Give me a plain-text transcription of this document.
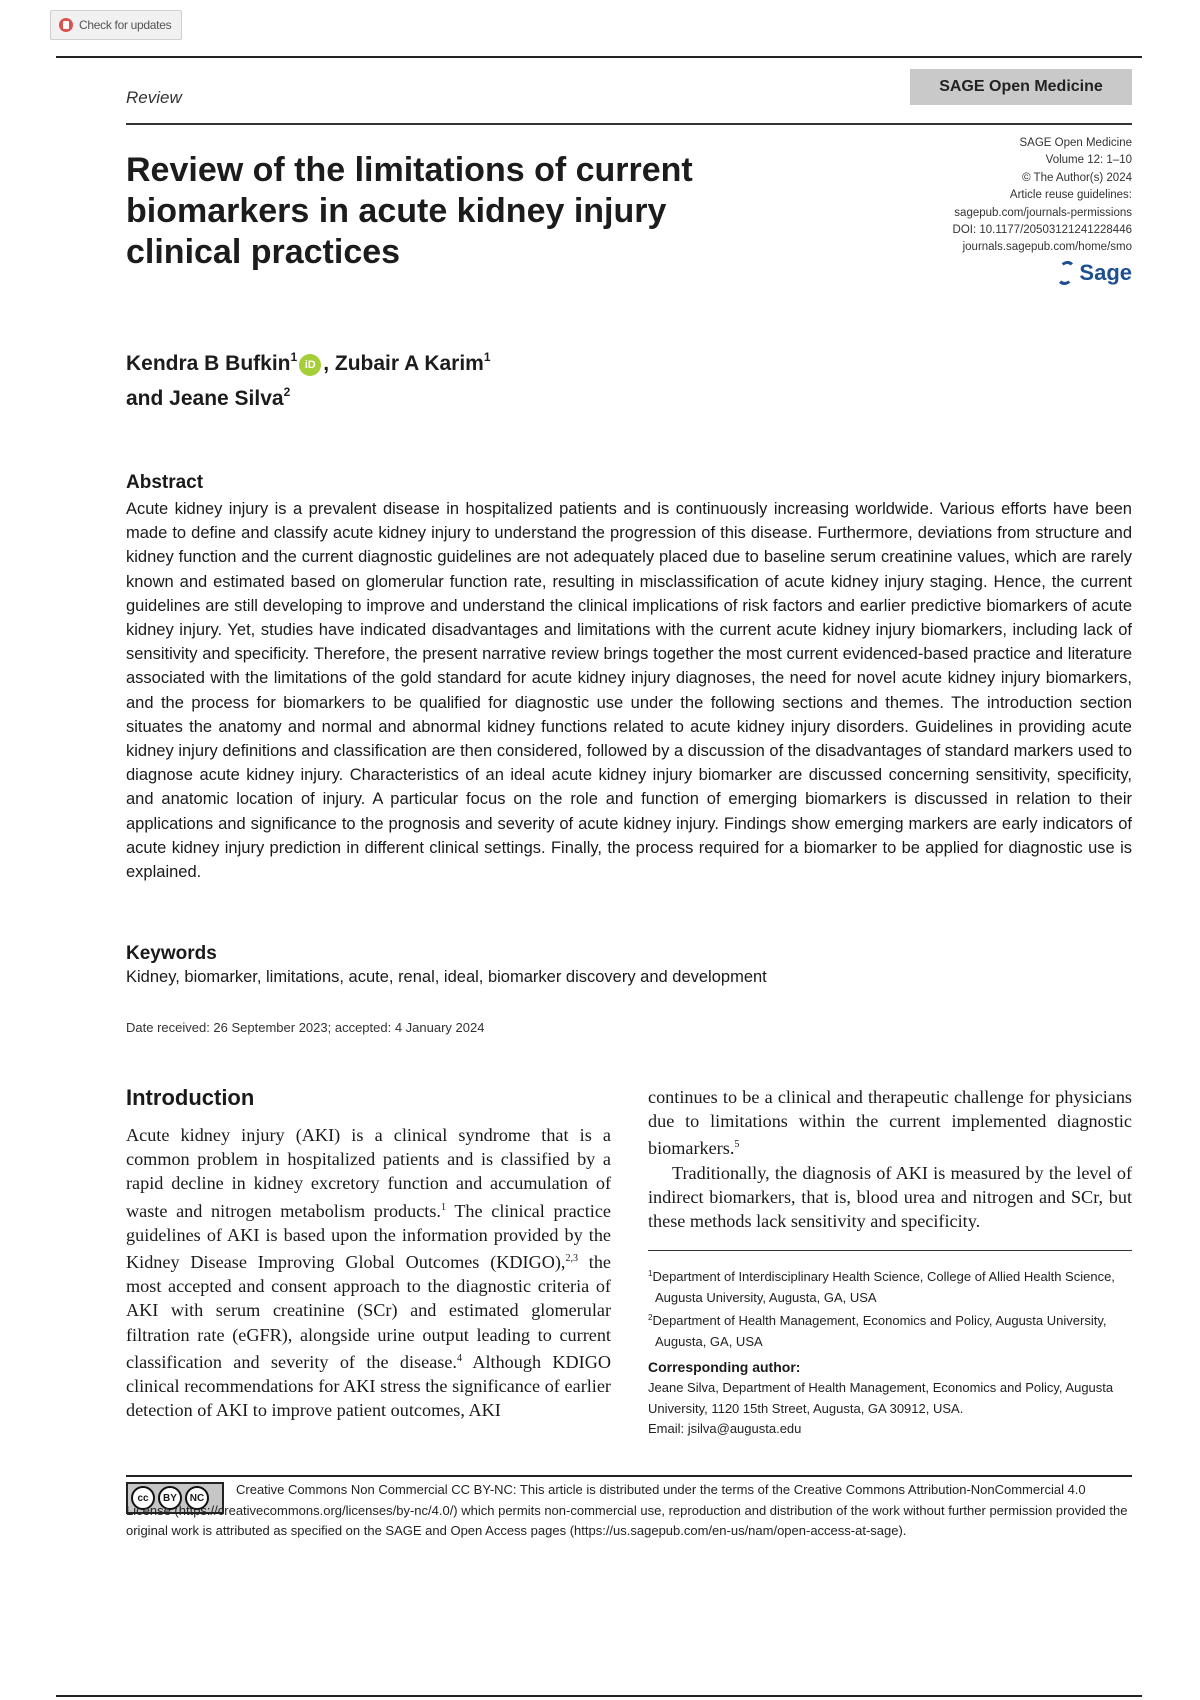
Check for updates
Review
SAGE Open Medicine
Review of the limitations of current biomarkers in acute kidney injury clinical practices
SAGE Open Medicine
Volume 12: 1–10
© The Author(s) 2024
Article reuse guidelines:
sagepub.com/journals-permissions
DOI: 10.1177/20503121241228446
journals.sagepub.com/home/smo
Sage
Kendra B Bufkin$^1$iD , Zubair A Karim$^1$
and Jeane Silva$^2$
Abstract

Acute kidney injury is a prevalent disease in hospitalized patients and is continuously increasing worldwide. Various efforts have been made to define and classify acute kidney injury to understand the progression of this disease. Furthermore, deviations from structure and kidney function and the current diagnostic guidelines are not adequately placed due to baseline serum creatinine values, which are rarely known and estimated based on glomerular function rate, resulting in misclassification of acute kidney injury staging. Hence, the current guidelines are still developing to improve and understand the clinical implications of risk factors and earlier predictive biomarkers of acute kidney injury. Yet, studies have indicated disadvantages and limitations with the current acute kidney injury biomarkers, including lack of sensitivity and specificity. Therefore, the present narrative review brings together the most current evidenced-based practice and literature associated with the limitations of the gold standard for acute kidney injury diagnoses, the need for novel acute kidney injury biomarkers, and the process for biomarkers to be qualified for diagnostic use under the following sections and themes. The introduction section situates the anatomy and normal and abnormal kidney functions related to acute kidney injury disorders. Guidelines in providing acute kidney injury definitions and classification are then considered, followed by a discussion of the disadvantages of standard markers used to diagnose acute kidney injury. Characteristics of an ideal acute kidney injury biomarker are discussed concerning sensitivity, specificity, and anatomic location of injury. A particular focus on the role and function of emerging biomarkers is discussed in relation to their applications and significance to the prognosis and severity of acute kidney injury. Findings show emerging markers are early indicators of acute kidney injury prediction in different clinical settings. Finally, the process required for a biomarker to be applied for diagnostic use is explained.

Keywords

Kidney, biomarker, limitations, acute, renal, ideal, biomarker discovery and development

Date received: 26 September 2023; accepted: 4 January 2024

Introduction
Acute kidney injury (AKI) is a clinical syndrome that is a common problem in hospitalized patients and is classified by a rapid decline in kidney excretory function and accumulation of waste and nitrogen metabolism products.$^1$ The clinical practice guidelines of AKI is based upon the information provided by the Kidney Disease Improving Global Outcomes (KDIGO),$^{2,3}$ the most accepted and consent approach to the diagnostic criteria of AKI with serum creatinine (SCr) and estimated glomerular filtration rate (eGFR), alongside urine output leading to current classification and severity of the disease.$^4$ Although KDIGO clinical recommendations for AKI stress the significance of earlier detection of AKI to improve patient outcomes, AKI

continues to be a clinical and therapeutic challenge for physicians due to limitations within the current implemented diagnostic biomarkers.$^5$

Traditionally, the diagnosis of AKI is measured by the level of indirect biomarkers, that is, blood urea and nitrogen and SCr, but these methods lack sensitivity and specificity.

$^1$Department of Interdisciplinary Health Science, College of Allied Health Science, Augusta University, Augusta, GA, USA
$^2$Department of Health Management, Economics and Policy, Augusta University, Augusta, GA, USA
Corresponding author:
Jeane Silva, Department of Health Management, Economics and Policy, Augusta University, 1120 15th Street, Augusta, GA 30912, USA.
Email: jsilva@augusta.edu
cc	BY	NC

Creative Commons Non Commercial CC BY-NC: This article is distributed under the terms of the Creative Commons Attribution-NonCommercial 4.0 License (https://creativecommons.org/licenses/by-nc/4.0/) which permits non-commercial use, reproduction and distribution of the work without further permission provided the original work is attributed as specified on the SAGE and Open Access pages (https://us.sagepub.com/en-us/nam/open-access-at-sage).
